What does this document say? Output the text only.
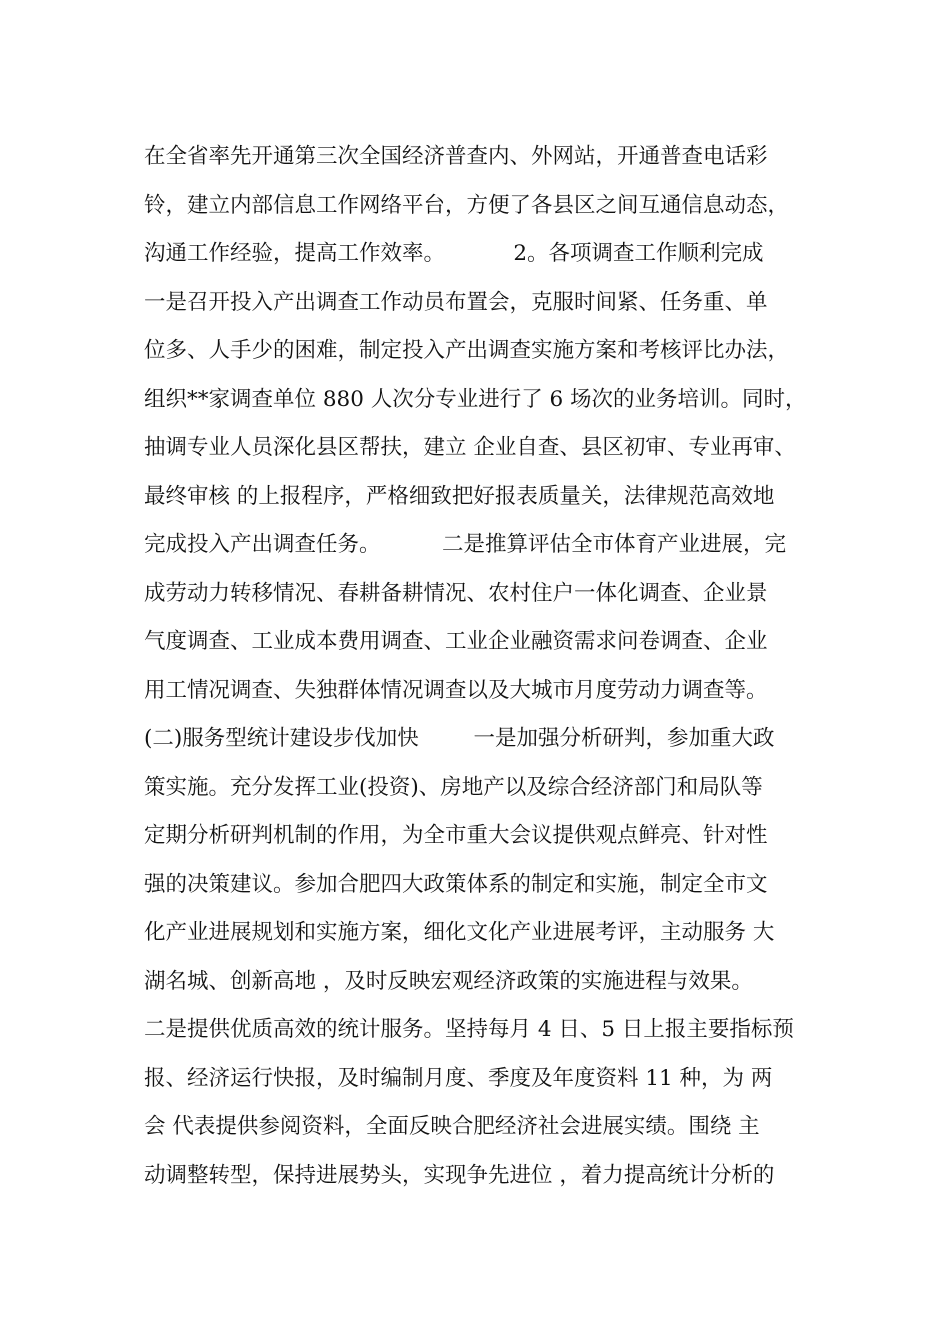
在全省率先开通第三次全国经济普查内、外网站，开通普查电话彩
铃，建立内部信息工作网络平台，方便了各县区之间互通信息动态，
沟通工作经验，提高工作效率。          2。各项调查工作顺利完成
一是召开投入产出调查工作动员布置会，克服时间紧、任务重、单
位多、人手少的困难，制定投入产出调查实施方案和考核评比办法，
组织**家调查单位 880 人次分专业进行了 6 场次的业务培训。同时，
抽调专业人员深化县区帮扶，建立 企业自查、县区初审、专业再审、
最终审核 的上报程序，严格细致把好报表质量关，法律规范高效地
完成投入产出调查任务。         二是推算评估全市体育产业进展，完
成劳动力转移情况、春耕备耕情况、农村住户一体化调查、企业景
气度调查、工业成本费用调查、工业企业融资需求问卷调查、企业
用工情况调查、失独群体情况调查以及大城市月度劳动力调查等。
(二)服务型统计建设步伐加快        一是加强分析研判，参加重大政
策实施。充分发挥工业(投资)、房地产以及综合经济部门和局队等
定期分析研判机制的作用，为全市重大会议提供观点鲜亮、针对性
强的决策建议。参加合肥四大政策体系的制定和实施，制定全市文
化产业进展规划和实施方案，细化文化产业进展考评，主动服务 大
湖名城、创新高地 ，及时反映宏观经济政策的实施进程与效果。
二是提供优质高效的统计服务。坚持每月 4 日、5 日上报主要指标预
报、经济运行快报，及时编制月度、季度及年度资料 11 种，为 两
会 代表提供参阅资料，全面反映合肥经济社会进展实绩。围绕 主
动调整转型，保持进展势头，实现争先进位 ，着力提高统计分析的
